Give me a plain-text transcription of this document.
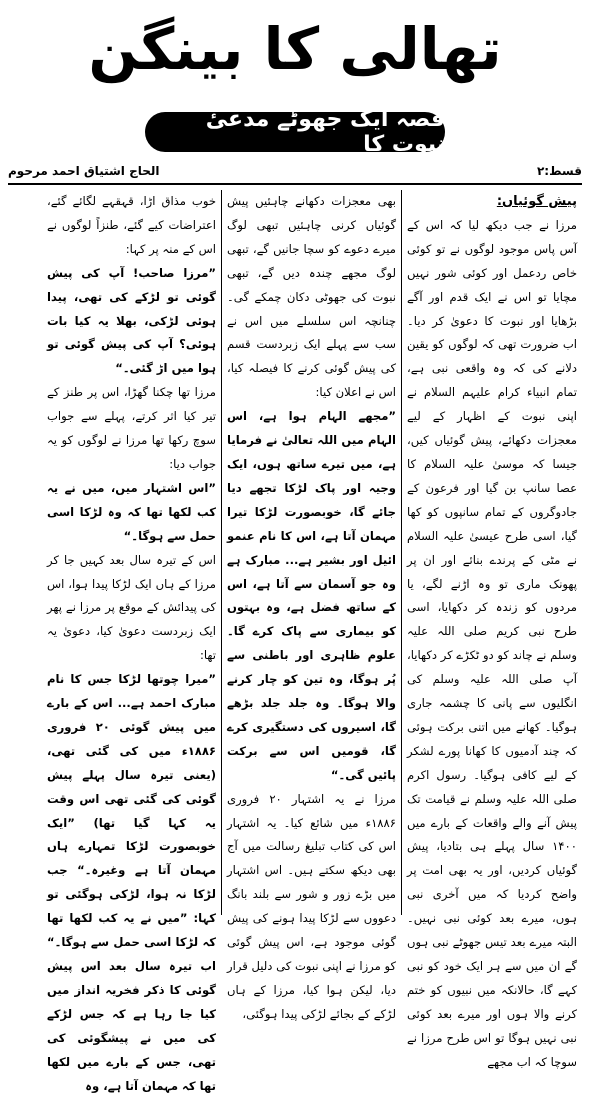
تھالی کا بینگن
قصہ ایک جھوٹے مدعیٔ نبوت کا
قسط:۲
الحاج اشتیاق احمد مرحوم

پیش گوئیاں:

مرزا نے جب دیکھ لیا کہ اس کے آس پاس موجود لوگوں نے تو کوئی خاص ردعمل اور کوئی شور نہیں مچایا تو اس نے ایک قدم اور آگے بڑھایا اور نبوت کا دعویٰ کر دیا۔ اب ضرورت تھی کہ لوگوں کو یقین دلانے کی کہ وہ واقعی نبی ہے، تمام انبیاء کرام علیہم السلام نے اپنی نبوت کے اظہار کے لیے معجزات دکھائے، پیش گوئیاں کیں، جیسا کہ موسیٰ علیہ السلام کا عصا سانپ بن گیا اور فرعون کے جادوگروں کے تمام سانپوں کو کھا گیا، اسی طرح عیسیٰ علیہ السلام نے مٹی کے پرندے بنائے اور ان پر پھونک ماری تو وہ اڑنے لگے، یا مردوں کو زندہ کر دکھایا، اسی طرح نبی کریم صلی اللہ علیہ وسلم نے چاند کو دو ٹکڑے کر دکھایا، آپ صلی اللہ علیہ وسلم کی انگلیوں سے پانی کا چشمہ جاری ہوگیا۔ کھانے میں اتنی برکت ہوئی کہ چند آدمیوں کا کھانا پورے لشکر کے لیے کافی ہوگیا۔ رسول اکرم صلی اللہ علیہ وسلم نے قیامت تک پیش آنے والے واقعات کے بارے میں ۱۴۰۰ سال پہلے ہی بتادیا، پیش گوئیاں کردیں، اور یہ بھی امت پر واضح کردیا کہ میں آخری نبی ہوں، میرے بعد کوئی نبی نہیں۔ البتہ میرے بعد تیس جھوٹے نبی ہوں گے ان میں سے ہر ایک خود کو نبی کہے گا، حالانکہ میں نبیوں کو ختم کرنے والا ہوں اور میرے بعد کوئی نبی نہیں ہوگا تو اس طرح مرزا نے سوچا کہ اب مجھے

بھی معجزات دکھانے چاہئیں پیش گوئیاں کرنی چاہئیں تبھی لوگ میرے دعوے کو سچا جانیں گے، تبھی لوگ مجھے چندہ دیں گے، تبھی نبوت کی جھوٹی دکان چمکے گی۔ چنانچہ اس سلسلے میں اس نے سب سے پہلے ایک زبردست قسم کی پیش گوئی کرنے کا فیصلہ کیا، اس نے اعلان کیا:

”مجھے الہام ہوا ہے، اس الہام میں اللہ تعالیٰ نے فرمایا ہے، میں تیرے ساتھ ہوں، ایک وجیہ اور پاک لڑکا تجھے دیا جائے گا، خوبصورت لڑکا تیرا مہمان آتا ہے، اس کا نام عنمو ائیل اور بشیر ہے... مبارک ہے وہ جو آسمان سے آتا ہے، اس کے ساتھ فضل ہے، وہ بہتوں کو بیماری سے پاک کرے گا۔ علوم ظاہری اور باطنی سے پُر ہوگا، وہ تین کو چار کرنے والا ہوگا۔ وہ جلد جلد بڑھے گا، اسیروں کی دستگیری کرے گا، قومیں اس سے برکت پائیں گی۔“

مرزا نے یہ اشتہار ۲۰ فروری ۱۸۸۶ء میں شائع کیا۔ یہ اشتہار اس کی کتاب تبلیغ رسالت میں آج بھی دیکھ سکتے ہیں۔ اس اشتہار میں بڑے زور و شور سے بلند بانگ دعووں سے لڑکا پیدا ہونے کی پیش گوئی موجود ہے، اس پیش گوئی کو مرزا نے اپنی نبوت کی دلیل قرار دیا، لیکن ہوا کیا، مرزا کے ہاں لڑکے کے بجائے لڑکی پیدا ہوگئی،

خوب مذاق اڑا، قہقہے لگائے گئے، اعتراضات کیے گئے، طنزاً لوگوں نے اس کے منہ پر کہا:

”مرزا صاحب! آپ کی پیش گوئی تو لڑکے کی تھی، پیدا ہوئی لڑکی، بھلا یہ کیا بات ہوئی؟ آپ کی پیش گوئی تو ہوا میں اڑ گئی۔“

مرزا تھا چکنا گھڑا، اس پر طنز کے تیر کیا اثر کرتے، پہلے سے جواب سوچ رکھا تھا مرزا نے لوگوں کو یہ جواب دیا:

”اس اشتہار میں، میں نے یہ کب لکھا تھا کہ وہ لڑکا اسی حمل سے ہوگا۔“

اس کے تیرہ سال بعد کہیں جا کر مرزا کے ہاں ایک لڑکا پیدا ہوا، اس کی پیدائش کے موقع پر مرزا نے پھر ایک زبردست دعویٰ کیا، دعویٰ یہ تھا:

”میرا چوتھا لڑکا جس کا نام مبارک احمد ہے... اس کے بارے میں پیش گوئی ۲۰ فروری ۱۸۸۶ء میں کی گئی تھی، (یعنی تیرہ سال پہلے پیش گوئی کی گئی تھی اس وقت یہ کہا گیا تھا) ”ایک خوبصورت لڑکا تمہارے ہاں مہمان آتا ہے وغیرہ۔“ جب لڑکا نہ ہوا، لڑکی ہوگئی تو کہا: ”میں نے یہ کب لکھا تھا کہ لڑکا اسی حمل سے ہوگا۔“ اب تیرہ سال بعد اس پیش گوئی کا ذکر فخریہ انداز میں کیا جا رہا ہے کہ جس لڑکے کی میں نے پیشگوئی کی تھی، جس کے بارے میں لکھا تھا کہ مہمان آتا ہے، وہ
